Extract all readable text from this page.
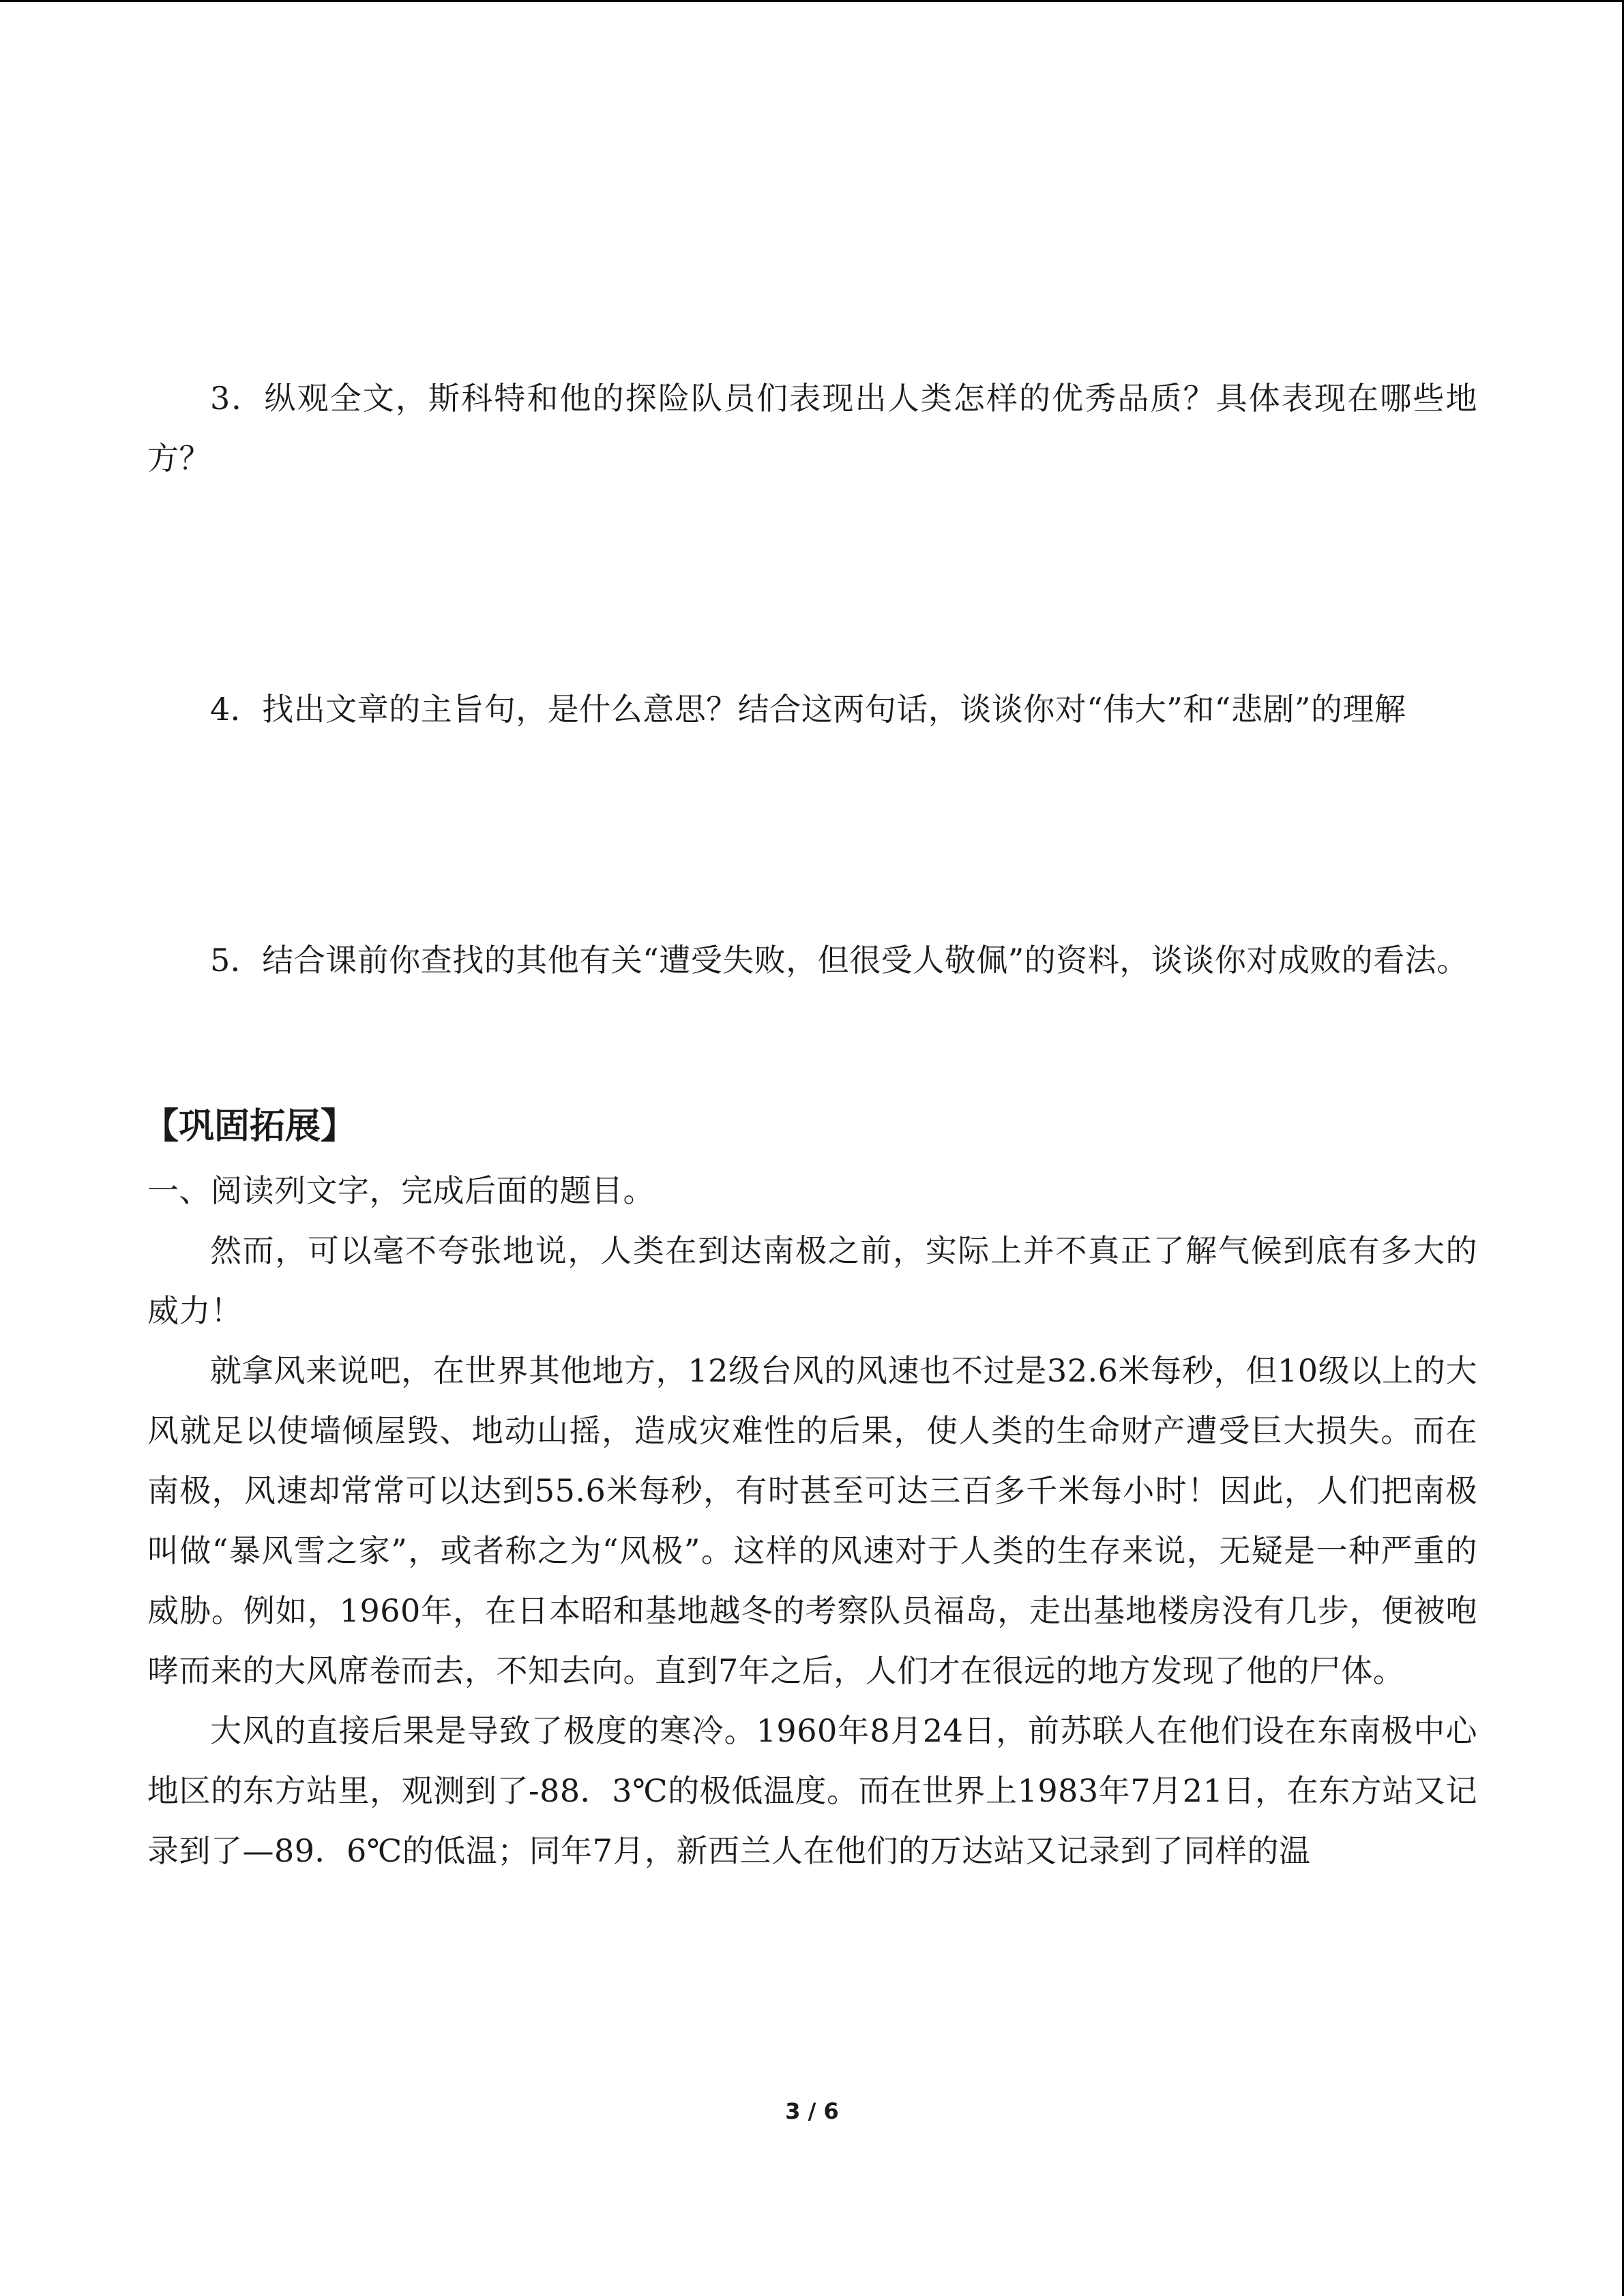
3．纵观全文，斯科特和他的探险队员们表现出人类怎样的优秀品质？具体表现在哪些地方？

4．找出文章的主旨句，是什么意思？结合这两句话，谈谈你对“伟大”和“悲剧”的理解

5．结合课前你查找的其他有关“遭受失败，但很受人敬佩”的资料，谈谈你对成败的看法。

【巩固拓展】

一、阅读列文字，完成后面的题目。

然而，可以毫不夸张地说，人类在到达南极之前，实际上并不真正了解气候到底有多大的威力！

就拿风来说吧，在世界其他地方，12级台风的风速也不过是32.6米每秒，但10级以上的大风就足以使墙倾屋毁、地动山摇，造成灾难性的后果，使人类的生命财产遭受巨大损失。而在南极，风速却常常可以达到55.6米每秒，有时甚至可达三百多千米每小时！因此，人们把南极叫做“暴风雪之家”，或者称之为“风极”。这样的风速对于人类的生存来说，无疑是一种严重的威胁。例如，1960年，在日本昭和基地越冬的考察队员福岛，走出基地楼房没有几步，便被咆哮而来的大风席卷而去，不知去向。直到7年之后，人们才在很远的地方发现了他的尸体。

大风的直接后果是导致了极度的寒冷。1960年8月24日，前苏联人在他们设在东南极中心地区的东方站里，观测到了-88．3℃的极低温度。而在世界上1983年7月21日，在东方站又记录到了—89．6℃的低温；同年7月，新西兰人在他们的万达站又记录到了同样的温

3 / 6
